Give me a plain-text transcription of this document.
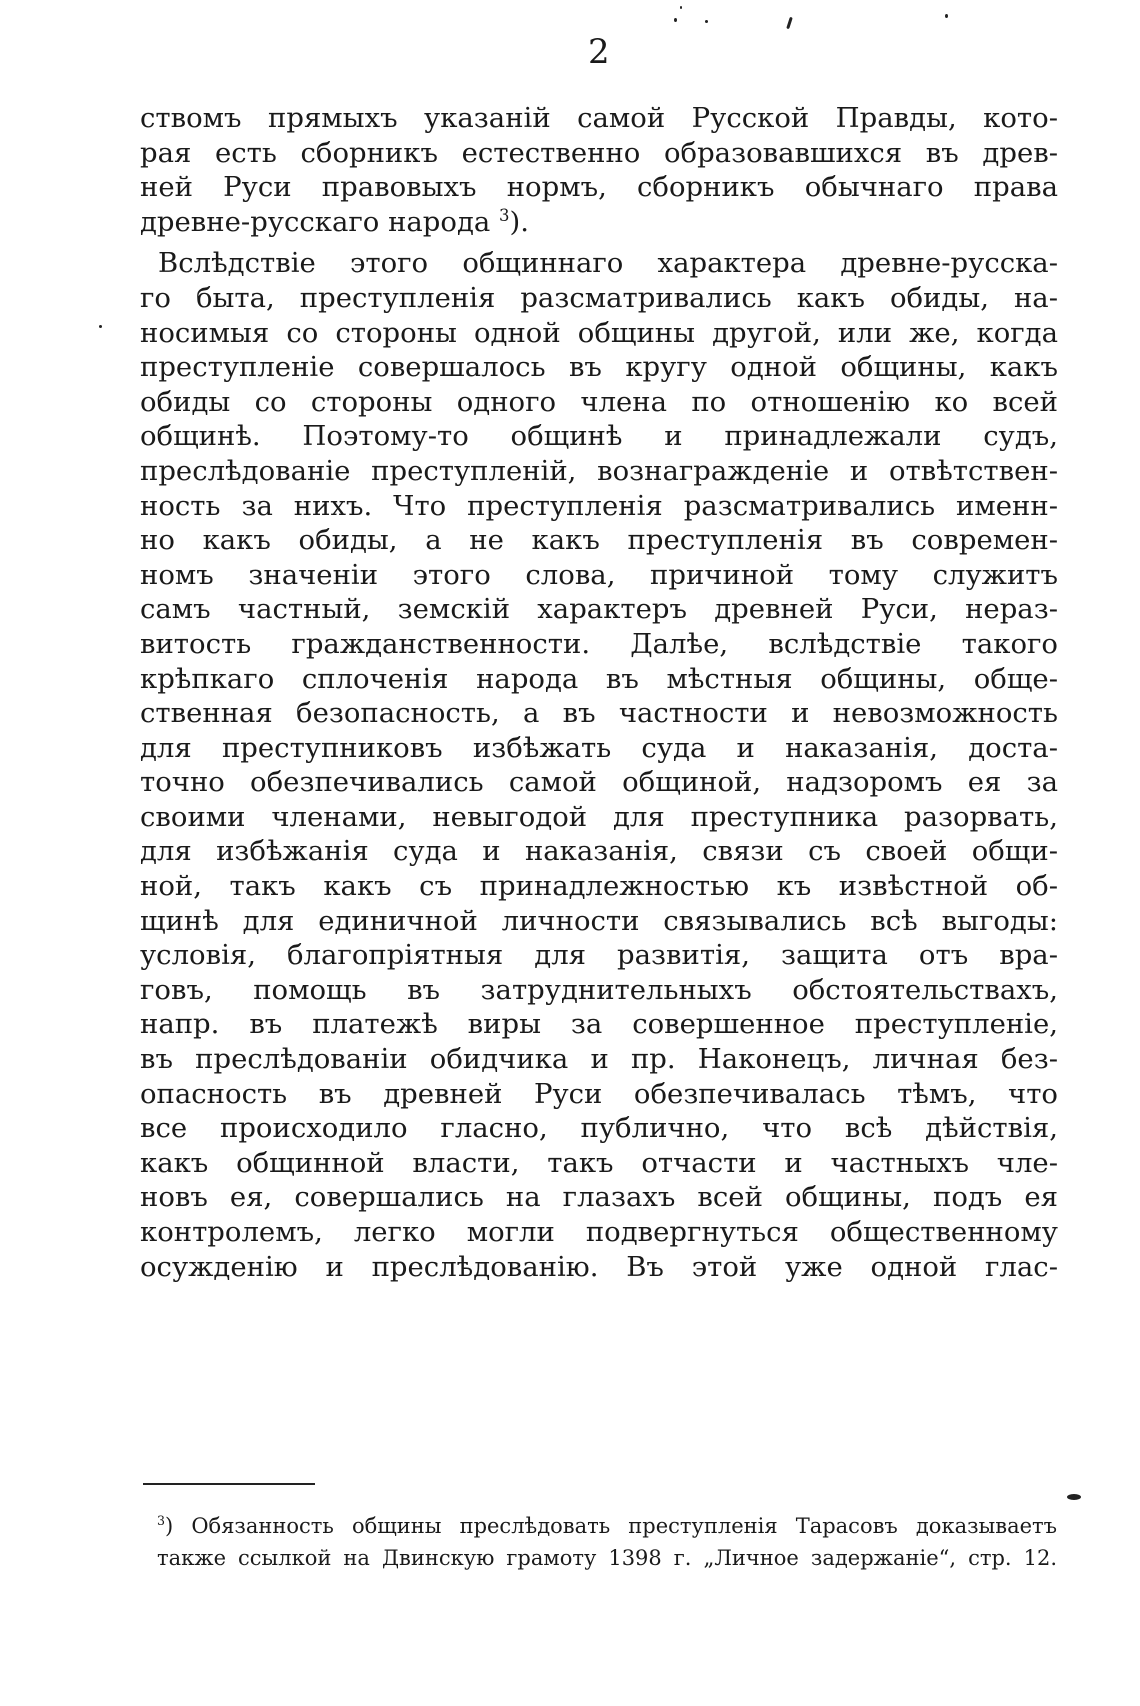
2
ствомъ прямыхъ указаній самой Русской Правды, кото-
рая есть сборникъ естественно образовавшихся въ древ-
ней Руси правовыхъ нормъ, сборникъ обычнаго права
древне-русскаго народа $^3$).
Вслѣдствіе этого общиннаго характера древне-русска-
го быта, преступленія разсматривались какъ обиды, на-
носимыя со стороны одной общины другой, или же, когда
преступленіе совершалось въ кругу одной общины, какъ
обиды со стороны одного члена по отношенію ко всей
общинѣ. Поэтому-то общинѣ и принадлежали судъ,
преслѣдованіе преступленій, вознагражденіе и отвѣтствен-
ность за нихъ. Что преступленія разсматривались именн-
но какъ обиды, а не какъ преступленія въ современ-
номъ значеніи этого слова, причиной тому служитъ
самъ частный, земскій характеръ древней Руси, нераз-
витость гражданственности. Далѣе, вслѣдствіе такого
крѣпкаго сплоченія народа въ мѣстныя общины, обще-
ственная безопасность, а въ частности и невозможность
для преступниковъ избѣжать суда и наказанія, доста-
точно обезпечивались самой общиной, надзоромъ ея за
своими членами, невыгодой для преступника разорвать,
для избѣжанія суда и наказанія, связи съ своей общи-
ной, такъ какъ съ принадлежностью къ извѣстной об-
щинѣ для единичной личности связывались всѣ выгоды:
условія, благопріятныя для развитія, защита отъ вра-
говъ, помощь въ затруднительныхъ обстоятельствахъ,
напр. въ платежѣ виры за совершенное преступленіе,
въ преслѣдованіи обидчика и пр. Наконецъ, личная без-
опасность въ древней Руси обезпечивалась тѣмъ, что
все происходило гласно, публично, что всѣ дѣйствія,
какъ общинной власти, такъ отчасти и частныхъ чле-
новъ ея, совершались на глазахъ всей общины, подъ ея
контролемъ, легко могли подвергнуться общественному
осужденію и преслѣдованію. Въ этой уже одной глас-
$^3$) Обязанность общины преслѣдовать преступленія Тарасовъ доказываетъ
также ссылкой на Двинскую грамоту 1398 г. „Личное задержаніе“, стр. 12.
